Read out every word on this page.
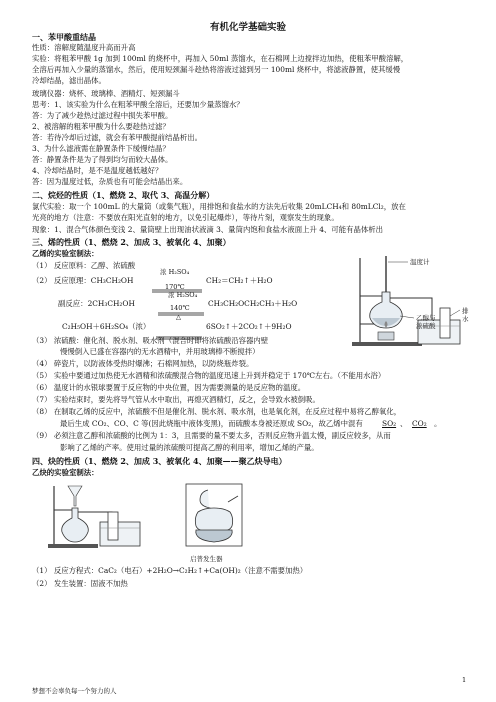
有机化学基础实验
一、苯甲酸重结晶
性质：溶解度随温度升高而升高
实验：将粗苯甲酸 1g 加到 100ml 的烧杯中，再加入 50ml 蒸馏水，在石棉网上边搅拌边加热，使粗苯甲酸溶解，
全溶后再加入少量的蒸馏水，然后，使用短颈漏斗趁热将溶液过滤到另一 100ml 烧杯中，将滤液静置，使其缓慢
冷却结晶，滤出晶体。
玻璃仪器：烧杯、玻璃棒、酒精灯、短颈漏斗
思考：1、该实验为什么在粗苯甲酸全溶后，还要加少量蒸馏水？
答：为了减少趁热过滤过程中损失苯甲酸。
2、被溶解的粗苯甲酸为什么要趁热过滤？
答：若待冷却后过滤，就会有苯甲酸提前结晶析出。
3、为什么滤液需在静置条件下缓慢结晶？
答：静置条件是为了得到均匀而较大晶体。
4、冷却结晶时，是不是温度越低越好？
答：因为温度过低，杂质也有可能会结晶出来。
二、烷烃的性质（1、燃烧 2、取代 3、高温分解）
氯代实验：取一个 100mL 的大量筒（或集气瓶），用排饱和食盐水的方法先后收集 20mLCH₄和 80mLCl₂，放在
光亮的地方（注意：不要放在阳光直射的地方，以免引起爆炸），等待片刻，观察发生的现象。
现象：1、混合气体颜色变浅 2、量筒壁上出现油状液滴 3、量筒内饱和食盐水液面上升 4、可能有晶体析出
三、烯的性质（1、燃烧 2、加成 3、被氧化 4、加聚）
乙烯的实验室制法：
（1） 反应原料：乙醇、浓硫酸
（2） 反应原理：CH₃CH₂OH
浓 H₂SO₄
170℃
CH₂＝CH₂↑＋H₂O
浓 H₂SO₄
副反应：2CH₃CH₂OH	140℃ CH₃CH₂OCH₂CH₃＋H₂O
△
C₂H₅OH＋6H₂SO₄（浓）	6SO₂↑＋2CO₂↑＋9H₂O
（3） 浓硫酸：催化剂、脱水剂、吸水剂（混合时即将浓硫酸沿容器内壁
慢慢倒入已盛在容器内的无水酒精中，并用玻璃棒不断搅拌）
（4） 碎瓷片，以防液体受热时爆沸；石棉网加热，以防烧瓶炸裂。
（5） 实验中要通过加热使无水酒精和浓硫酸混合物的温度迅速上升到并稳定于 170℃左右。（不能用水浴）
（6） 温度计的水银球要置于反应物的中央位置，因为需要测量的是反应物的温度。
（7） 实验结束时，要先将导气管从水中取出，再熄灭酒精灯，反之，会导致水被倒吸。
（8） 在制取乙烯的反应中，浓硫酸不但是催化剂、脱水剂、吸水剂，也是氧化剂，在反应过程中易将乙醇氧化，
最后生成 CO₂、CO、C 等(因此烧瓶中液体变黑)，而硫酸本身被还原成 SO₂，故乙烯中混有	SO₂ 、 CO₂ 。
（9） 必须注意乙醇和浓硫酸的比例为 1：3，且需要的量不要太多，否则反应物升温太慢，副反应较多，从而
影响了乙烯的产率。使用过量的浓硫酸可提高乙醇的利用率，增加乙烯的产量。
温度计
乙醇与
浓硫酸
排
水
四、炔的性质（1、燃烧 2、加成 3、被氧化 4、加聚——聚乙炔导电）
乙炔的实验室制法：
启普发生器
（1） 反应方程式：CaC₂（电石）+2H₂O→C₂H₂↑+Ca(OH)₂（注意不需要加热）
（2） 发生装置：固液不加热
1
梦想不会辜负每一个努力的人
